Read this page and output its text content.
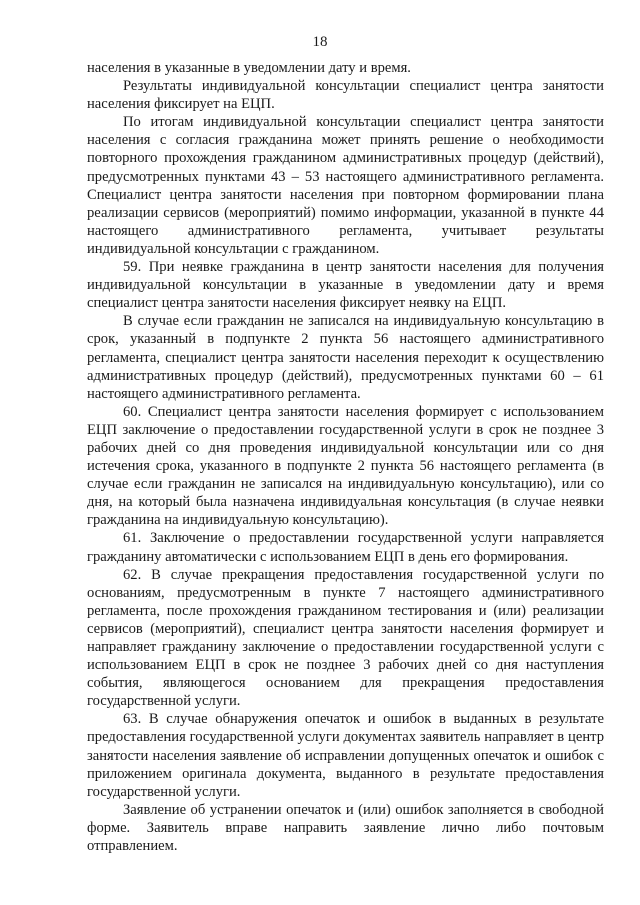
18

населения в указанные в уведомлении дату и время.

Результаты индивидуальной консультации специалист центра занятости населения фиксирует на ЕЦП.

По итогам индивидуальной консультации специалист центра занятости населения с согласия гражданина может принять решение о необходимости повторного прохождения гражданином административных процедур (действий), предусмотренных пунктами 43 – 53 настоящего административного регламента. Специалист центра занятости населения при повторном формировании плана реализации сервисов (мероприятий) помимо информации, указанной в пункте 44 настоящего административного регламента, учитывает результаты индивидуальной консультации с гражданином.

59. При неявке гражданина в центр занятости населения для получения индивидуальной консультации в указанные в уведомлении дату и время специалист центра занятости населения фиксирует неявку на ЕЦП.

В случае если гражданин не записался на индивидуальную консультацию в срок, указанный в подпункте 2 пункта 56 настоящего административного регламента, специалист центра занятости населения переходит к осуществлению административных процедур (действий), предусмотренных пунктами 60 – 61 настоящего административного регламента.

60. Специалист центра занятости населения формирует с использованием ЕЦП заключение о предоставлении государственной услуги в срок не позднее 3 рабочих дней со дня проведения индивидуальной консультации или со дня истечения срока, указанного в подпункте 2 пункта 56 настоящего регламента (в случае если гражданин не записался на индивидуальную консультацию), или со дня, на который была назначена индивидуальная консультация (в случае неявки гражданина на индивидуальную консультацию).

61. Заключение о предоставлении государственной услуги направляется гражданину автоматически с использованием ЕЦП в день его формирования.

62. В случае прекращения предоставления государственной услуги по основаниям, предусмотренным в пункте 7 настоящего административного регламента, после прохождения гражданином тестирования и (или) реализации сервисов (мероприятий), специалист центра занятости населения формирует и направляет гражданину заключение о предоставлении государственной услуги с использованием ЕЦП в срок не позднее 3 рабочих дней со дня наступления события, являющегося основанием для прекращения предоставления государственной услуги.

63. В случае обнаружения опечаток и ошибок в выданных в результате предоставления государственной услуги документах заявитель направляет в центр занятости населения заявление об исправлении допущенных опечаток и ошибок с приложением оригинала документа, выданного в результате предоставления государственной услуги.

Заявление об устранении опечаток и (или) ошибок заполняется в свободной форме. Заявитель вправе направить заявление лично либо почтовым отправлением.
